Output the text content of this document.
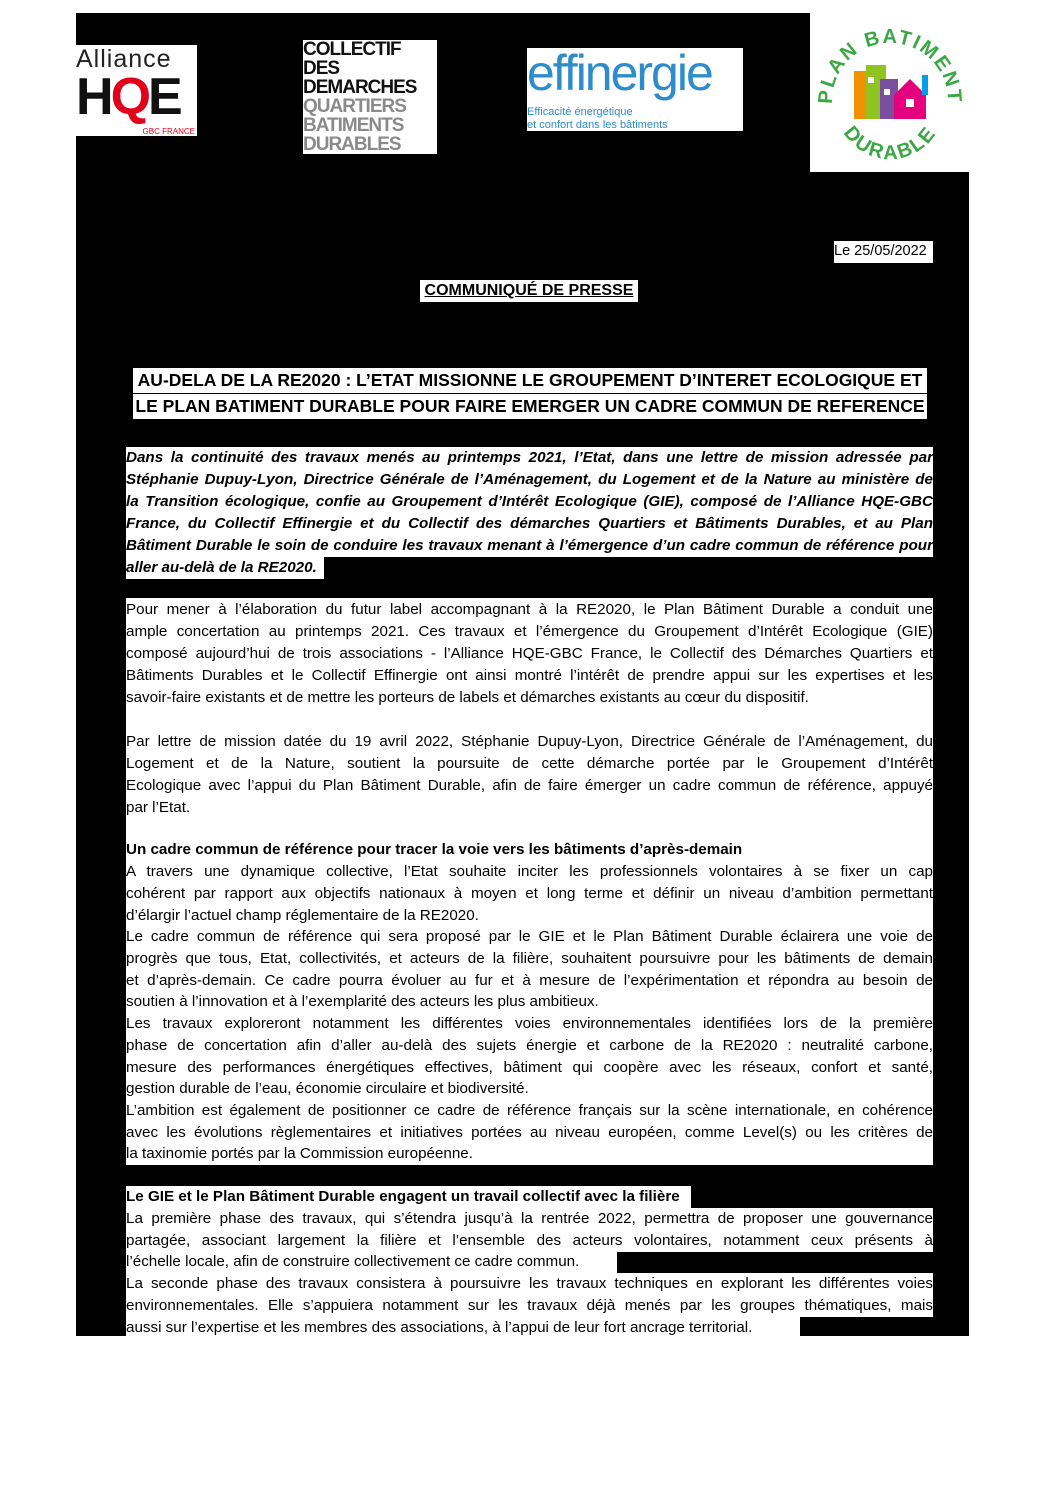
Alliance
HQE
GBC FRANCE
COLLECTIF
DES
DEMARCHES
QUARTIERS
BATIMENTS
DURABLES
effinergie
Efficacité énergétique
et confort dans les bâtiments
PLAN BATIMENT
DURABLE
Le 25/05/2022
COMMUNIQUÉ DE PRESSE
AU-DELA DE LA RE2020 : L’ETAT MISSIONNE LE GROUPEMENT D’INTERET ECOLOGIQUE ET
LE PLAN BATIMENT DURABLE POUR FAIRE EMERGER UN CADRE COMMUN DE REFERENCE
Dans la continuité des travaux menés au printemps 2021, l’Etat, dans une lettre de mission adressée par
Stéphanie Dupuy-Lyon, Directrice Générale de l’Aménagement, du Logement et de la Nature au ministère de
la Transition écologique, confie au Groupement d’Intérêt Ecologique (GIE), composé de l’Alliance HQE-GBC
France, du Collectif Effinergie et du Collectif des démarches Quartiers et Bâtiments Durables, et au Plan
Bâtiment Durable le soin de conduire les travaux menant à l’émergence d’un cadre commun de référence pour
aller au-delà de la RE2020.
Pour mener à l’élaboration du futur label accompagnant à la RE2020, le Plan Bâtiment Durable a conduit une
ample concertation au printemps 2021. Ces travaux et l’émergence du Groupement d’Intérêt Ecologique (GIE)
composé aujourd’hui de trois associations - l’Alliance HQE-GBC France, le Collectif des Démarches Quartiers et
Bâtiments Durables et le Collectif Effinergie ont ainsi montré l’intérêt de prendre appui sur les expertises et les
savoir-faire existants et de mettre les porteurs de labels et démarches existants au cœur du dispositif.
Par lettre de mission datée du 19 avril 2022, Stéphanie Dupuy-Lyon, Directrice Générale de l’Aménagement, du
Logement et de la Nature, soutient la poursuite de cette démarche portée par le Groupement d’Intérêt
Ecologique avec l’appui du Plan Bâtiment Durable, afin de faire émerger un cadre commun de référence, appuyé
par l’Etat.
Un cadre commun de référence pour tracer la voie vers les bâtiments d’après-demain
A travers une dynamique collective, l’Etat souhaite inciter les professionnels volontaires à se fixer un cap
cohérent par rapport aux objectifs nationaux à moyen et long terme et définir un niveau d’ambition permettant
d’élargir l’actuel champ réglementaire de la RE2020.
Le cadre commun de référence qui sera proposé par le GIE et le Plan Bâtiment Durable éclairera une voie de
progrès que tous, Etat, collectivités, et acteurs de la filière, souhaitent poursuivre pour les bâtiments de demain
et d’après-demain. Ce cadre pourra évoluer au fur et à mesure de l’expérimentation et répondra au besoin de
soutien à l’innovation et à l’exemplarité des acteurs les plus ambitieux.
Les travaux exploreront notamment les différentes voies environnementales identifiées lors de la première
phase de concertation afin d’aller au-delà des sujets énergie et carbone de la RE2020 : neutralité carbone,
mesure des performances énergétiques effectives, bâtiment qui coopère avec les réseaux, confort et santé,
gestion durable de l’eau, économie circulaire et biodiversité.
L’ambition est également de positionner ce cadre de référence français sur la scène internationale, en cohérence
avec les évolutions règlementaires et initiatives portées au niveau européen, comme Level(s) ou les critères de
la taxinomie portés par la Commission européenne.
Le GIE et le Plan Bâtiment Durable engagent un travail collectif avec la filière
La première phase des travaux, qui s’étendra jusqu’à la rentrée 2022, permettra de proposer une gouvernance
partagée, associant largement la filière et l’ensemble des acteurs volontaires, notamment ceux présents à
l’échelle locale, afin de construire collectivement ce cadre commun.
La seconde phase des travaux consistera à poursuivre les travaux techniques en explorant les différentes voies
environnementales. Elle s’appuiera notamment sur les travaux déjà menés par les groupes thématiques, mais
aussi sur l’expertise et les membres des associations, à l’appui de leur fort ancrage territorial.
